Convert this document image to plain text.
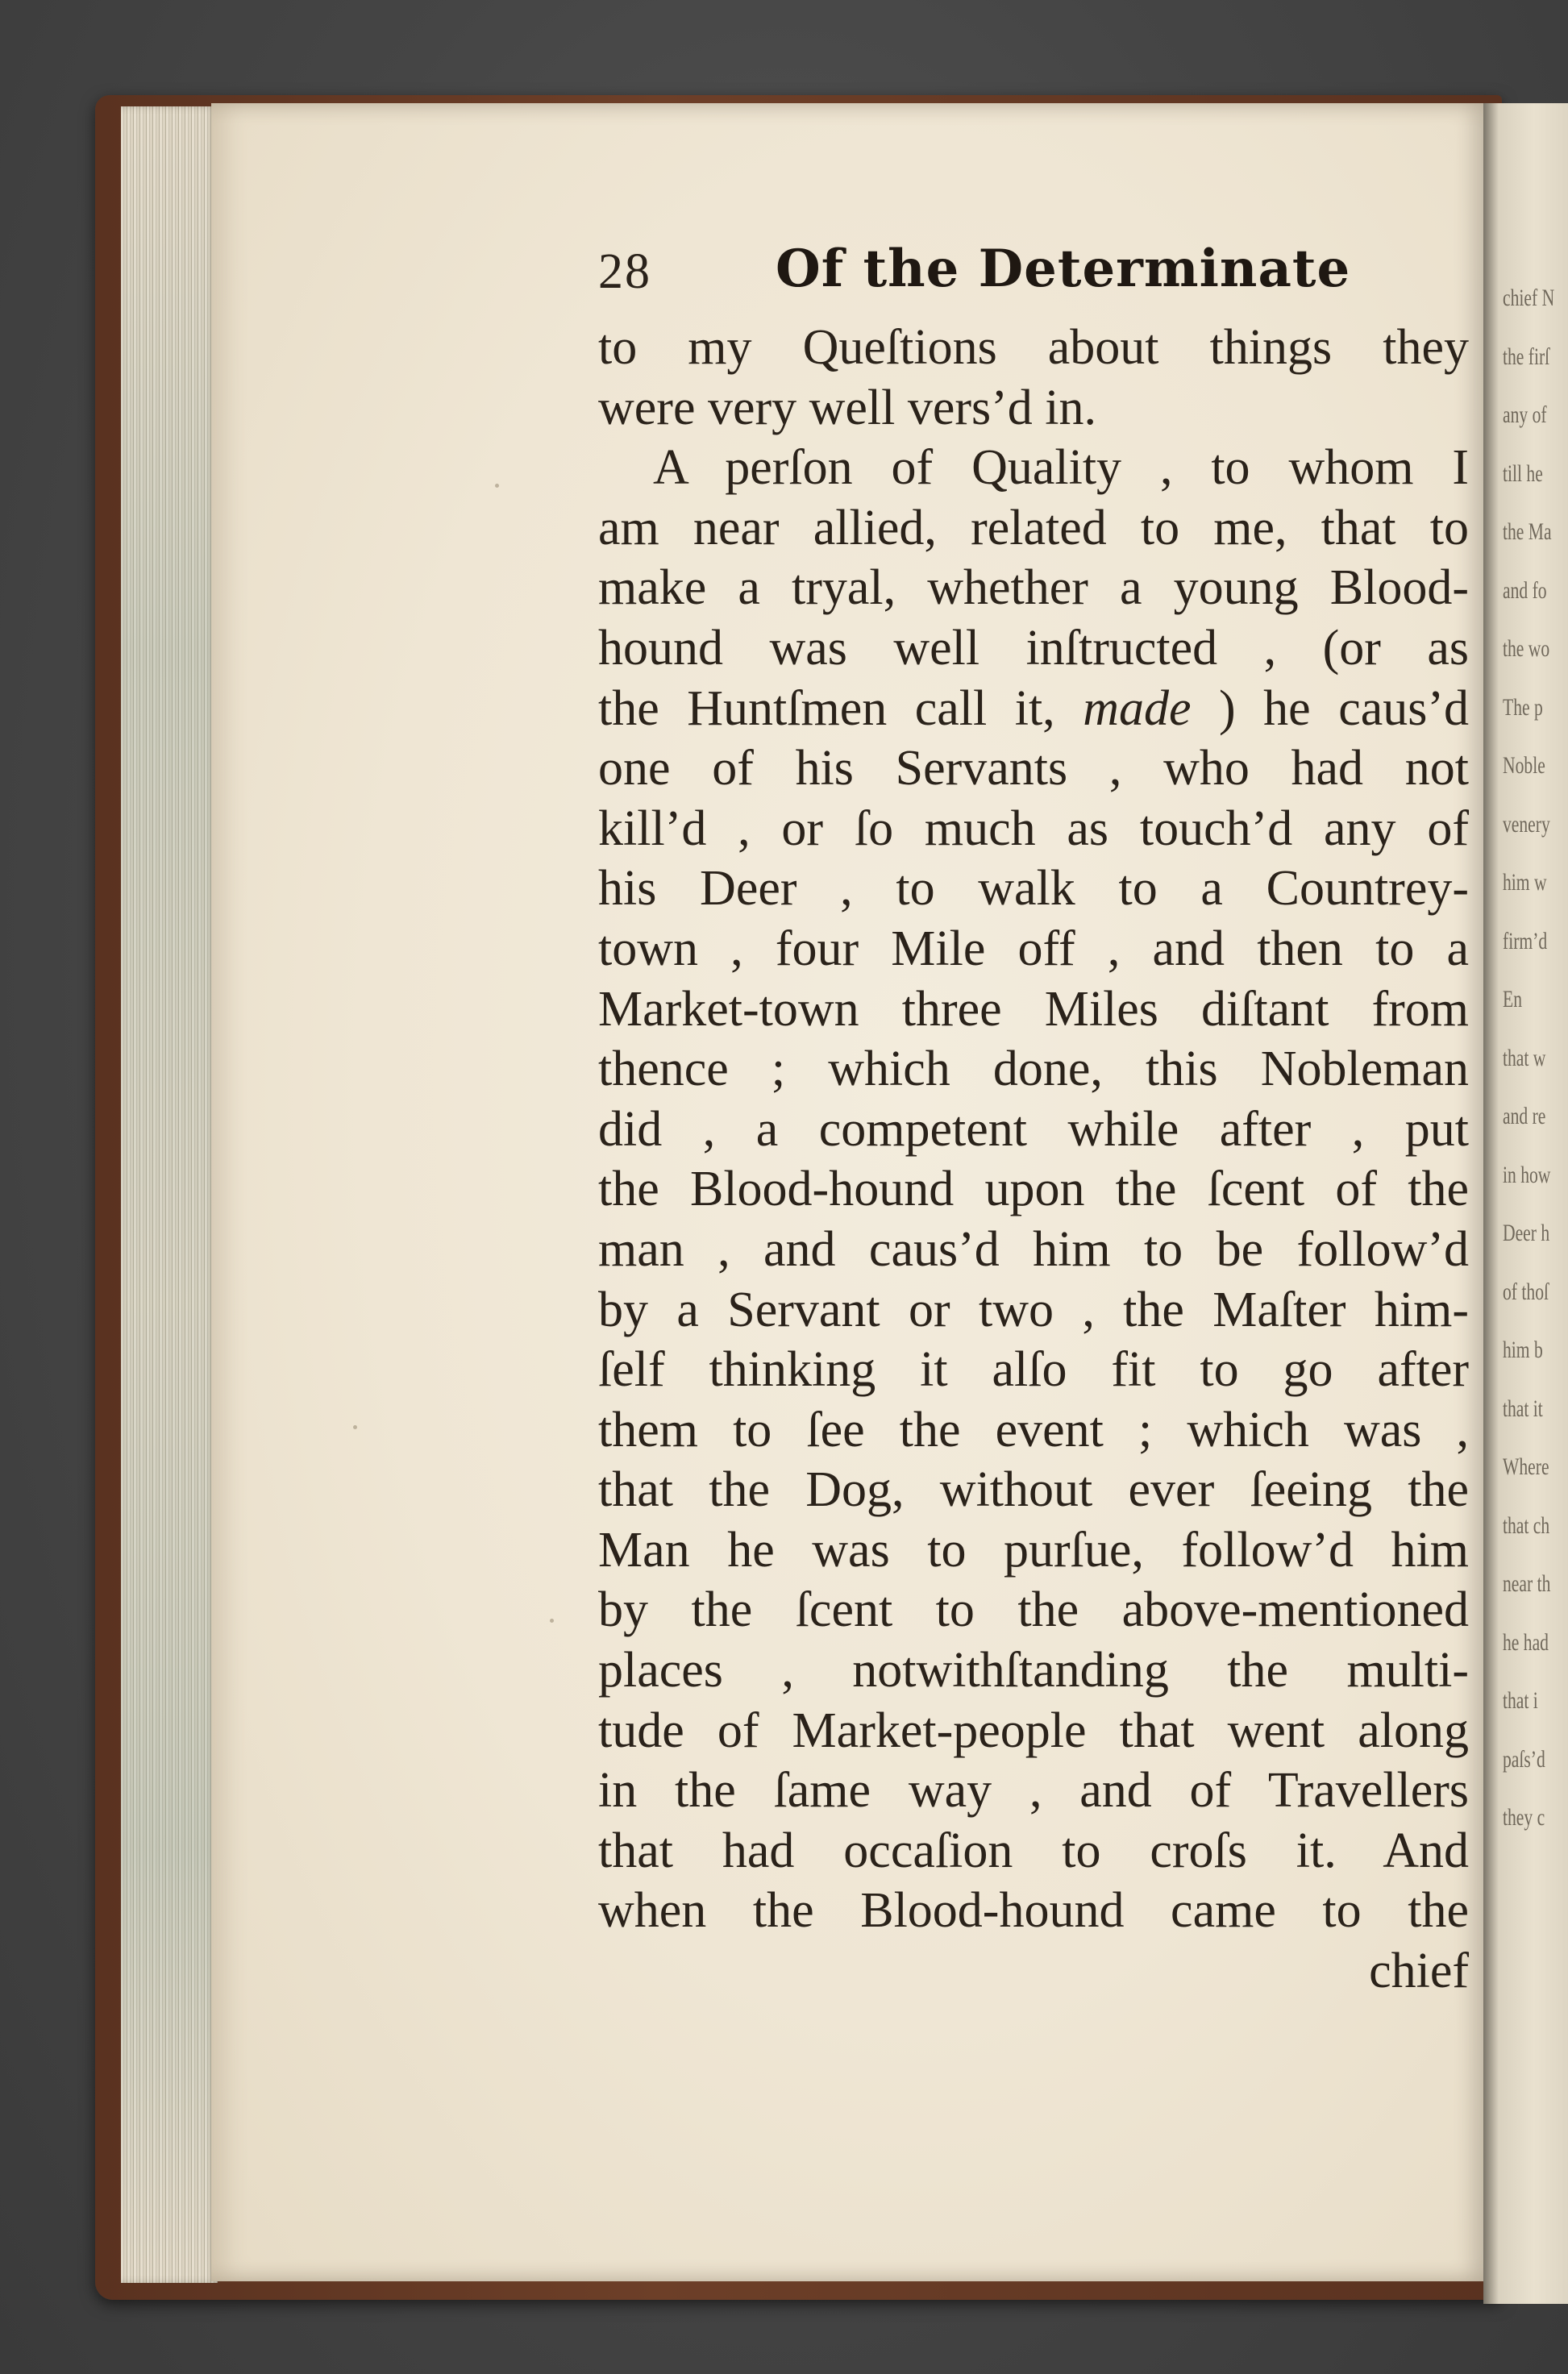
chief N
the firſ
any of
till he
the Ma
and fo
the wo
The p
Noble
venery
him w
firm’d
En
that w
and re
in how
Deer h
of thoſ
him b
that it
Where
that ch
near th
he had
that i
paſs’d
they c
28 Of the Determinate
to my Queſtions about things they
were very well vers’d in.
A perſon of Quality , to whom I
am near allied, related to me, that to
make a tryal, whether a young Blood-
hound was well inſtructed , (or as
the Huntſmen call it, made ) he caus’d
one of his Servants , who had not
kill’d , or ſo much as touch’d any of
his Deer , to walk to a Countrey-
town , four Mile off , and then to a
Market-town three Miles diſtant from
thence ; which done, this Nobleman
did , a competent while after , put
the Blood-hound upon the ſcent of the
man , and caus’d him to be follow’d
by a Servant or two , the Maſter him-
ſelf thinking it alſo fit to go after
them to ſee the event ; which was ,
that the Dog, without ever ſeeing the
Man he was to purſue, follow’d him
by the ſcent to the above-mentioned
places , notwithſtanding the multi-
tude of Market-people that went along
in the ſame way , and of Travellers
that had occaſion to croſs it. And
when the Blood-hound came to the
chief
